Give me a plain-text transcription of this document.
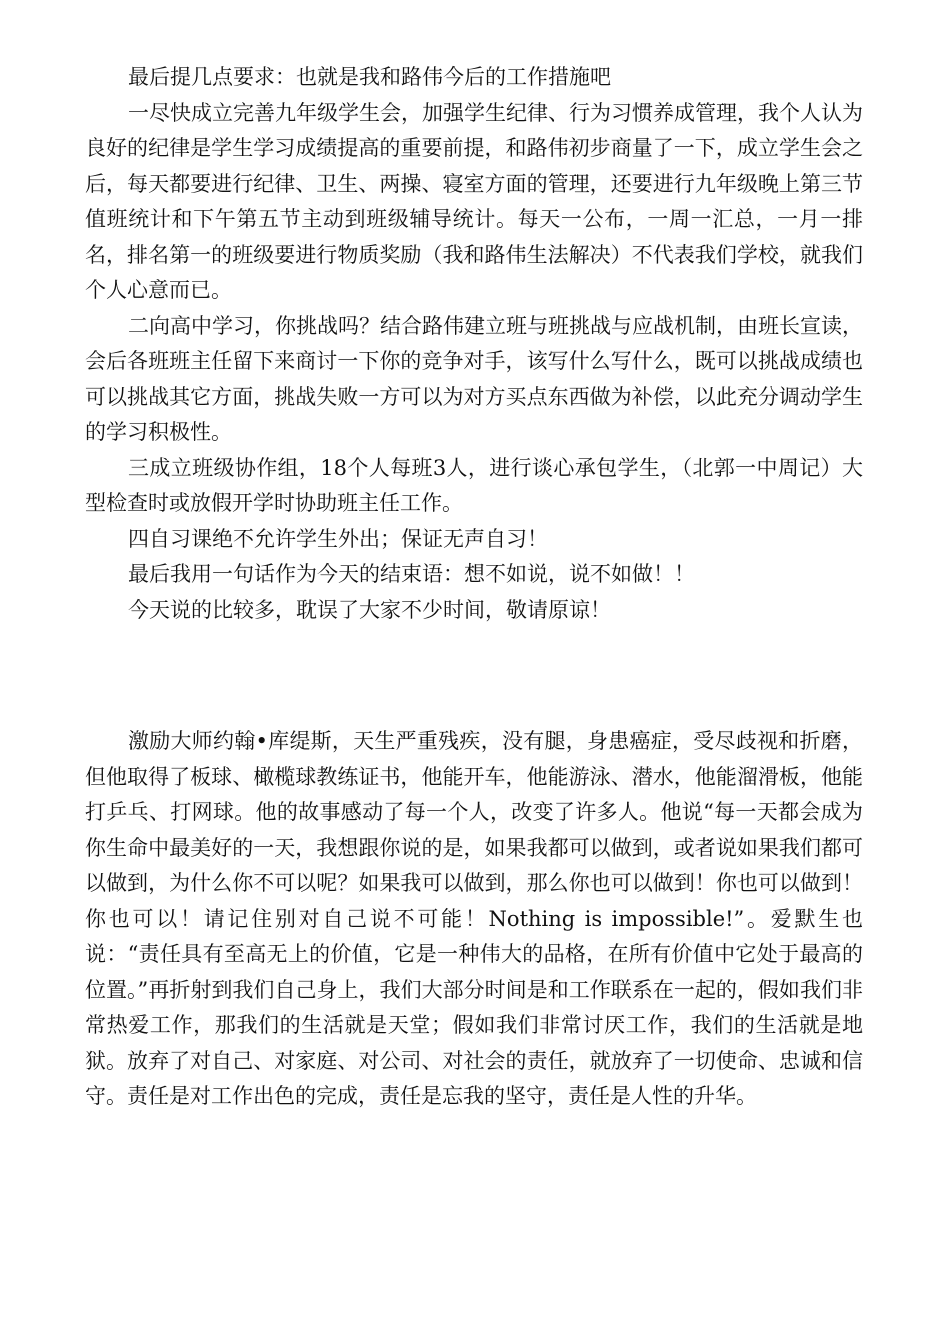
最后提几点要求：也就是我和路伟今后的工作措施吧

一尽快成立完善九年级学生会，加强学生纪律、行为习惯养成管理，我个人认为良好的纪律是学生学习成绩提高的重要前提，和路伟初步商量了一下，成立学生会之后，每天都要进行纪律、卫生、两操、寝室方面的管理，还要进行九年级晚上第三节值班统计和下午第五节主动到班级辅导统计。每天一公布，一周一汇总，一月一排名，排名第一的班级要进行物质奖励（我和路伟生法解决）不代表我们学校，就我们个人心意而已。

二向高中学习，你挑战吗？结合路伟建立班与班挑战与应战机制，由班长宣读，会后各班班主任留下来商讨一下你的竞争对手，该写什么写什么，既可以挑战成绩也可以挑战其它方面，挑战失败一方可以为对方买点东西做为补偿，以此充分调动学生的学习积极性。

三成立班级协作组，18个人每班3人，进行谈心承包学生，（北郭一中周记）大型检查时或放假开学时协助班主任工作。

四自习课绝不允许学生外出；保证无声自习！

最后我用一句话作为今天的结束语：想不如说，说不如做！！

今天说的比较多，耽误了大家不少时间，敬请原谅！

激励大师约翰•库缇斯，天生严重残疾，没有腿，身患癌症，受尽歧视和折磨，但他取得了板球、橄榄球教练证书，他能开车，他能游泳、潜水，他能溜滑板，他能打乒乓、打网球。他的故事感动了每一个人，改变了许多人。他说“每一天都会成为你生命中最美好的一天，我想跟你说的是，如果我都可以做到，或者说如果我们都可以做到，为什么你不可以呢？如果我可以做到，那么你也可以做到！你也可以做到！你也可以！请记住别对自己说不可能！Nothing is impossible!”。爱默生也说：“责任具有至高无上的价值，它是一种伟大的品格，在所有价值中它处于最高的位置。”再折射到我们自己身上，我们大部分时间是和工作联系在一起的，假如我们非常热爱工作，那我们的生活就是天堂；假如我们非常讨厌工作，我们的生活就是地狱。放弃了对自己、对家庭、对公司、对社会的责任，就放弃了一切使命、忠诚和信守。责任是对工作出色的完成，责任是忘我的坚守，责任是人性的升华。
